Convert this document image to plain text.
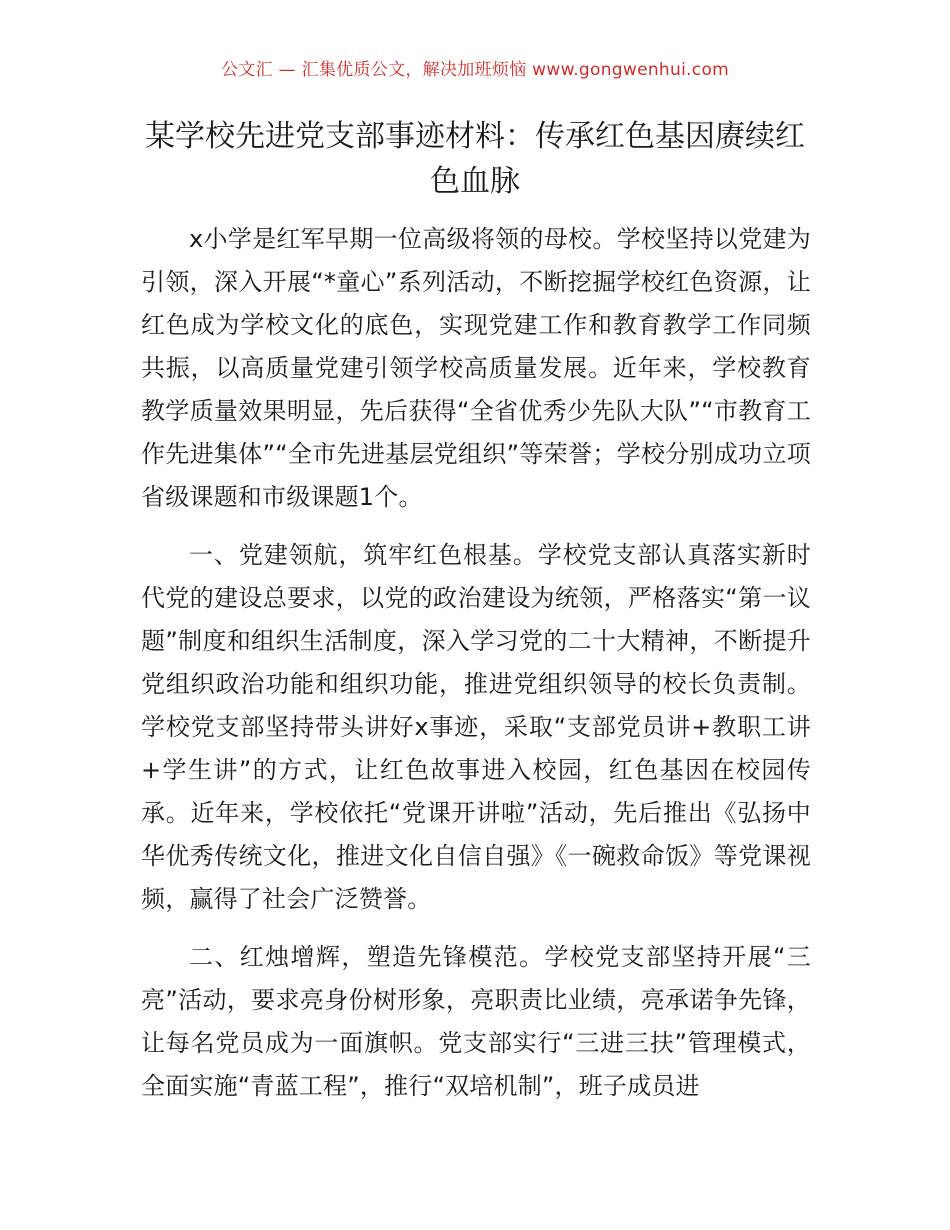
公文汇 — 汇集优质公文，解决加班烦恼 www.gongwenhui.com
某学校先进党支部事迹材料：传承红色基因赓续红色血脉

x小学是红军早期一位高级将领的母校。学校坚持以党建为引领，深入开展“*童心”系列活动，不断挖掘学校红色资源，让红色成为学校文化的底色，实现党建工作和教育教学工作同频共振，以高质量党建引领学校高质量发展。近年来，学校教育教学质量效果明显，先后获得“全省优秀少先队大队”“市教育工作先进集体”“全市先进基层党组织”等荣誉；学校分别成功立项省级课题和市级课题1个。

一、党建领航，筑牢红色根基。学校党支部认真落实新时代党的建设总要求，以党的政治建设为统领，严格落实“第一议题”制度和组织生活制度，深入学习党的二十大精神，不断提升党组织政治功能和组织功能，推进党组织领导的校长负责制。学校党支部坚持带头讲好x事迹，采取“支部党员讲+教职工讲+学生讲”的方式，让红色故事进入校园，红色基因在校园传承。近年来，学校依托“党课开讲啦”活动，先后推出《弘扬中华优秀传统文化，推进文化自信自强》《一碗救命饭》等党课视频，赢得了社会广泛赞誉。

二、红烛增辉，塑造先锋模范。学校党支部坚持开展“三亮”活动，要求亮身份树形象，亮职责比业绩，亮承诺争先锋，让每名党员成为一面旗帜。党支部实行“三进三扶”管理模式，全面实施“青蓝工程”，推行“双培机制”，班子成员进
